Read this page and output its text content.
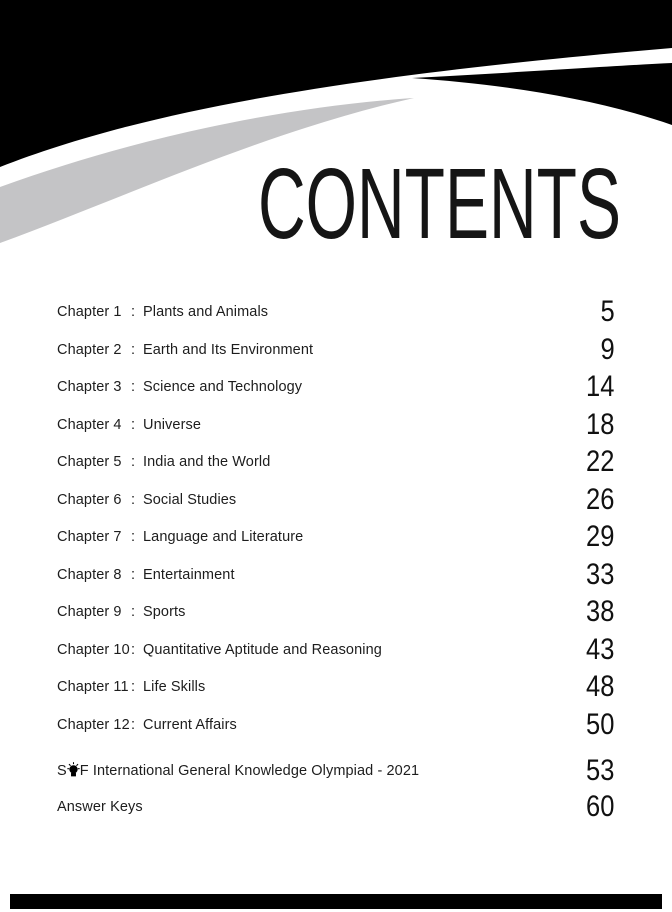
CONTENTS
Chapter 1 : Plants and Animals	5
Chapter 2 : Earth and Its Environment	9
Chapter 3 : Science and Technology	14
Chapter 4 : Universe	18
Chapter 5 : India and the World	22
Chapter 6 : Social Studies	26
Chapter 7 : Language and Literature	29
Chapter 8 : Entertainment	33
Chapter 9 : Sports	38
Chapter 10: Quantitative Aptitude and Reasoning	43
Chapter 11 : Life Skills	48
Chapter 12: Current Affairs	50
S F International General Knowledge Olympiad - 2021	53
Answer Keys	60
